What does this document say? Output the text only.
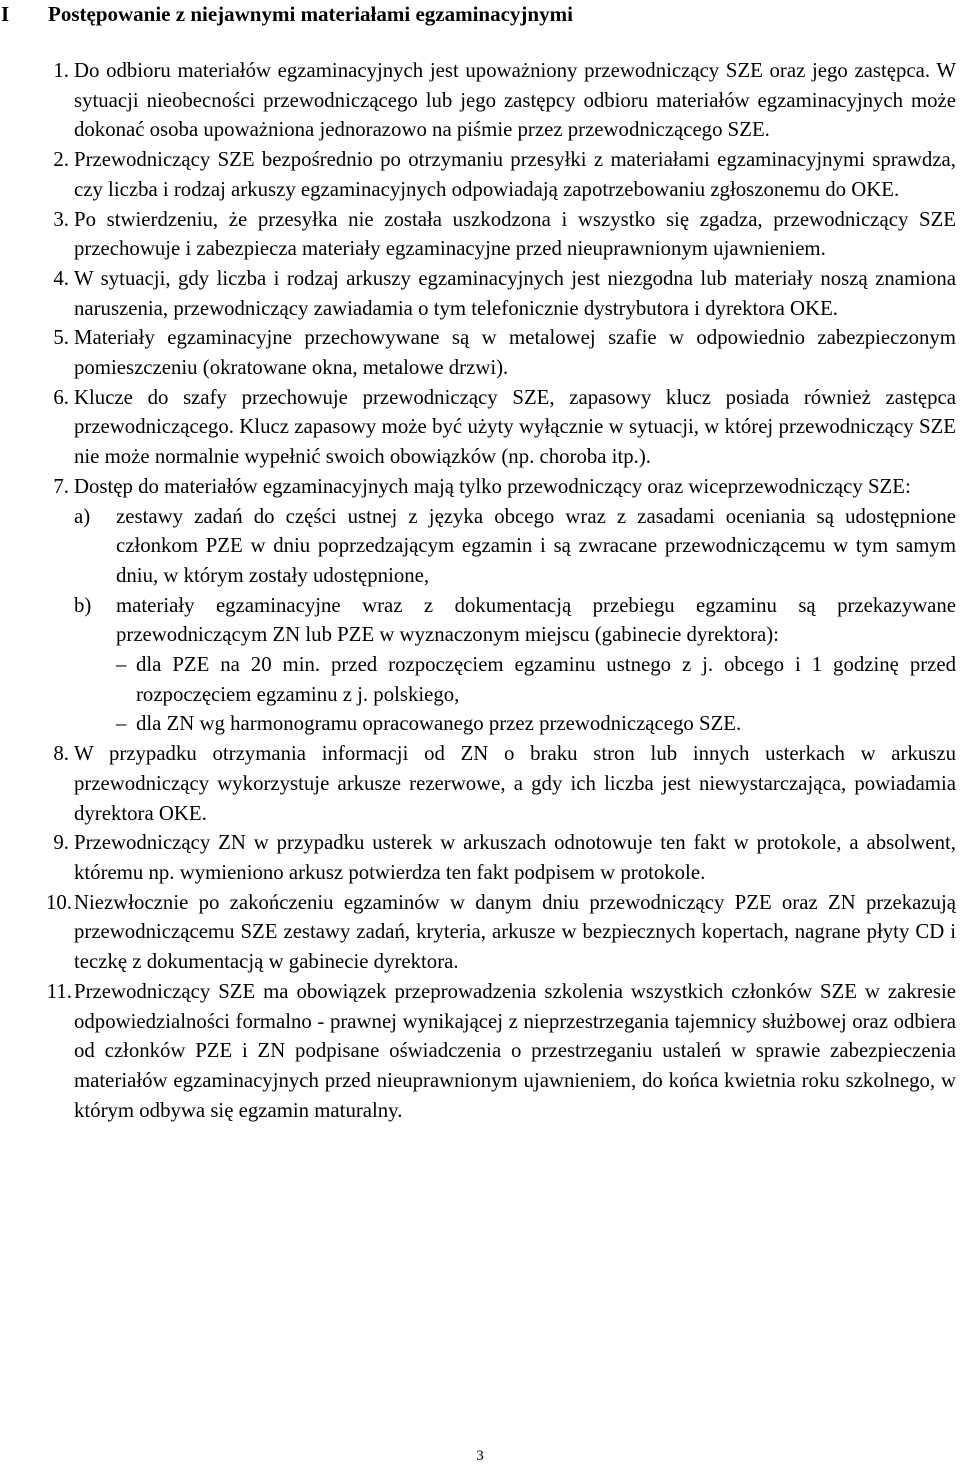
I Postępowanie z niejawnymi materiałami egzaminacyjnymi
1. Do odbioru materiałów egzaminacyjnych jest upoważniony przewodniczący SZE oraz jego zastępca. W sytuacji nieobecności przewodniczącego lub jego zastępcy odbioru materiałów egzaminacyjnych może dokonać osoba upoważniona jednorazowo na piśmie przez przewodniczącego SZE.
2. Przewodniczący SZE bezpośrednio po otrzymaniu przesyłki z materiałami egzaminacyjnymi sprawdza, czy liczba i rodzaj arkuszy egzaminacyjnych odpowiadają zapotrzebowaniu zgłoszonemu do OKE.
3. Po stwierdzeniu, że przesyłka nie została uszkodzona i wszystko się zgadza, przewodniczący SZE przechowuje i zabezpiecza materiały egzaminacyjne przed nieuprawnionym ujawnieniem.
4. W sytuacji, gdy liczba i rodzaj arkuszy egzaminacyjnych jest niezgodna lub materiały noszą znamiona naruszenia, przewodniczący zawiadamia o tym telefonicznie dystrybutora i dyrektora OKE.
5. Materiały egzaminacyjne przechowywane są w metalowej szafie w odpowiednio zabezpieczonym pomieszczeniu (okratowane okna, metalowe drzwi).
6. Klucze do szafy przechowuje przewodniczący SZE, zapasowy klucz posiada również zastępca przewodniczącego. Klucz zapasowy może być użyty wyłącznie w sytuacji, w której przewodniczący SZE nie może normalnie wypełnić swoich obowiązków (np. choroba itp.).
7. Dostęp do materiałów egzaminacyjnych mają tylko przewodniczący oraz wiceprzewodniczący SZE:
a) zestawy zadań do części ustnej z języka obcego wraz z zasadami oceniania są udostępnione członkom PZE w dniu poprzedzającym egzamin i są zwracane przewodniczącemu w tym samym dniu, w którym zostały udostępnione,
b) materiały egzaminacyjne wraz z dokumentacją przebiegu egzaminu są przekazywane przewodniczącym ZN lub PZE w wyznaczonym miejscu (gabinecie dyrektora):
– dla PZE na 20 min. przed rozpoczęciem egzaminu ustnego z j. obcego i 1 godzinę przed rozpoczęciem egzaminu z j. polskiego,
– dla ZN wg harmonogramu opracowanego przez przewodniczącego SZE.
8. W przypadku otrzymania informacji od ZN o braku stron lub innych usterkach w arkuszu przewodniczący wykorzystuje arkusze rezerwowe, a gdy ich liczba jest niewystarczająca, powiadamia dyrektora OKE.
9. Przewodniczący ZN w przypadku usterek w arkuszach odnotowuje ten fakt w protokole, a absolwent, któremu np. wymieniono arkusz potwierdza ten fakt podpisem w protokole.
10. Niezwłocznie po zakończeniu egzaminów w danym dniu przewodniczący PZE oraz ZN przekazują przewodniczącemu SZE zestawy zadań, kryteria, arkusze w bezpiecznych kopertach, nagrane płyty CD i teczkę z dokumentacją w gabinecie dyrektora.
11. Przewodniczący SZE ma obowiązek przeprowadzenia szkolenia wszystkich członków SZE w zakresie odpowiedzialności formalno - prawnej wynikającej z nieprzestrzegania tajemnicy służbowej oraz odbiera od członków PZE i ZN podpisane oświadczenia o przestrzeganiu ustaleń w sprawie zabezpieczenia materiałów egzaminacyjnych przed nieuprawnionym ujawnieniem, do końca kwietnia roku szkolnego, w którym odbywa się egzamin maturalny.
3
